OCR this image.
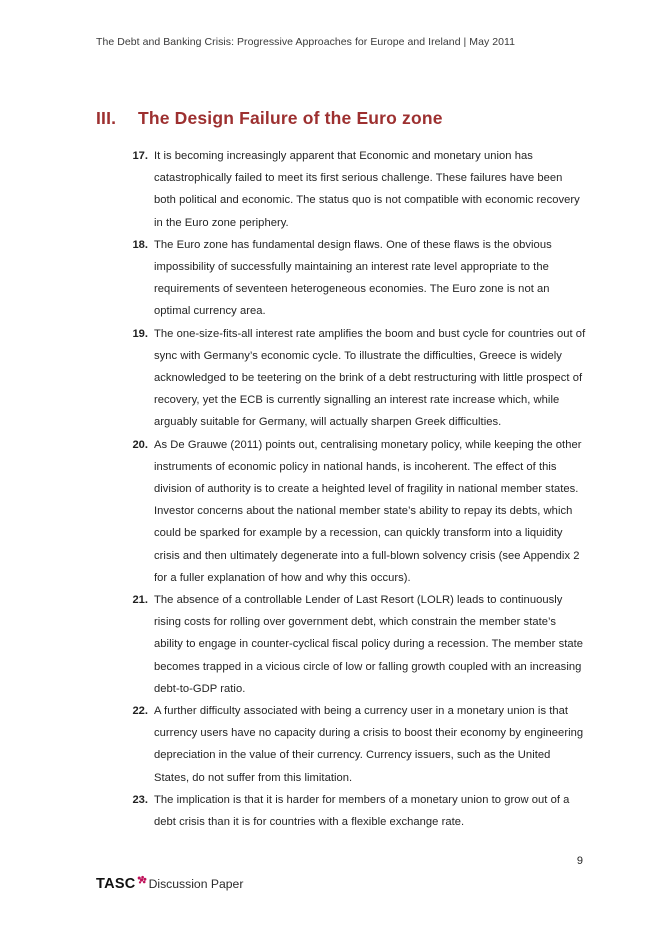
The Debt and Banking Crisis: Progressive Approaches for Europe and Ireland | May 2011
III.	The Design Failure of the Euro zone
17. It is becoming increasingly apparent that Economic and monetary union has catastrophically failed to meet its first serious challenge. These failures have been both political and economic. The status quo is not compatible with economic recovery in the Euro zone periphery.
18. The Euro zone has fundamental design flaws. One of these flaws is the obvious impossibility of successfully maintaining an interest rate level appropriate to the requirements of seventeen heterogeneous economies. The Euro zone is not an optimal currency area.
19. The one-size-fits-all interest rate amplifies the boom and bust cycle for countries out of sync with Germany’s economic cycle. To illustrate the difficulties, Greece is widely acknowledged to be teetering on the brink of a debt restructuring with little prospect of recovery, yet the ECB is currently signalling an interest rate increase which, while arguably suitable for Germany, will actually sharpen Greek difficulties.
20. As De Grauwe (2011) points out, centralising monetary policy, while keeping the other instruments of economic policy in national hands, is incoherent. The effect of this division of authority is to create a heighted level of fragility in national member states. Investor concerns about the national member state’s ability to repay its debts, which could be sparked for example by a recession, can quickly transform into a liquidity crisis and then ultimately degenerate into a full-blown solvency crisis (see Appendix 2 for a fuller explanation of how and why this occurs).
21. The absence of a controllable Lender of Last Resort (LOLR) leads to continuously rising costs for rolling over government debt, which constrain the member state’s ability to engage in counter-cyclical fiscal policy during a recession. The member state becomes trapped in a vicious circle of low or falling growth coupled with an increasing debt-to-GDP ratio.
22. A further difficulty associated with being a currency user in a monetary union is that currency users have no capacity during a crisis to boost their economy by engineering depreciation in the value of their currency. Currency issuers, such as the United States, do not suffer from this limitation.
23. The implication is that it is harder for members of a monetary union to grow out of a debt crisis than it is for countries with a flexible exchange rate.
9
TASC Discussion Paper
